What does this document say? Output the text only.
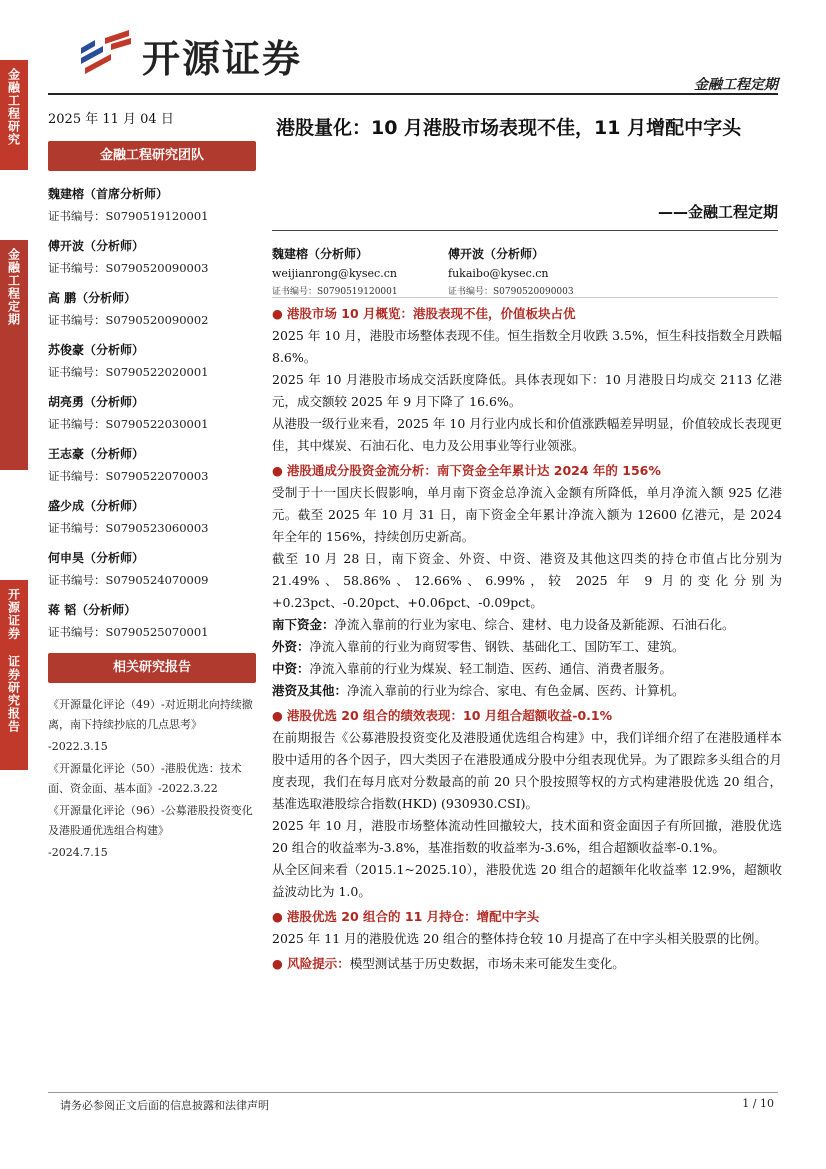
开源证券
金融工程定期
金融工程研究
金融工程定期
开源证券 证券研究报告
2025 年 11 月 04 日
金融工程研究团队
魏建榕（首席分析师）
证书编号：S0790519120001
傅开波（分析师）
证书编号：S0790520090003
高 鹏（分析师）
证书编号：S0790520090002
苏俊豪（分析师）
证书编号：S0790522020001
胡亮勇（分析师）
证书编号：S0790522030001
王志豪（分析师）
证书编号：S0790522070003
盛少成（分析师）
证书编号：S0790523060003
何申昊（分析师）
证书编号：S0790524070009
蒋 韬（分析师）
证书编号：S0790525070001
相关研究报告
《开源量化评论（49）-对近期北向持续撤离，南下持续抄底的几点思考》
-2022.3.15
《开源量化评论（50）-港股优选：技术面、资金面、基本面》-2022.3.22
《开源量化评论（96）-公募港股投资变化及港股通优选组合构建》
-2024.7.15
港股量化：10 月港股市场表现不佳，11 月增配中字头
——金融工程定期
魏建榕（分析师）
weijianrong@kysec.cn
证书编号：S0790519120001
傅开波（分析师）
fukaibo@kysec.cn
证书编号：S0790520090003

● 港股市场 10 月概览：港股表现不佳，价值板块占优

2025 年 10 月，港股市场整体表现不佳。恒生指数全月收跌 3.5%，恒生科技指数全月跌幅 8.6%。

2025 年 10 月港股市场成交活跃度降低。具体表现如下：10 月港股日均成交 2113 亿港元，成交额较 2025 年 9 月下降了 16.6%。

从港股一级行业来看，2025 年 10 月行业内成长和价值涨跌幅差异明显，价值较成长表现更佳，其中煤炭、石油石化、电力及公用事业等行业领涨。

● 港股通成分股资金流分析：南下资金全年累计达 2024 年的 156%

受制于十一国庆长假影响，单月南下资金总净流入金额有所降低，单月净流入额 925 亿港元。截至 2025 年 10 月 31 日，南下资金全年累计净流入额为 12600 亿港元，是 2024 年全年的 156%，持续创历史新高。

截至 10 月 28 日，南下资金、外资、中资、港资及其他这四类的持仓市值占比分别为 21.49%、58.86%、12.66%、6.99%，较 2025 年 9 月的变化分别为+0.23pct、-0.20pct、+0.06pct、-0.09pct。

南下资金：净流入靠前的行业为家电、综合、建材、电力设备及新能源、石油石化。

外资：净流入靠前的行业为商贸零售、钢铁、基础化工、国防军工、建筑。

中资：净流入靠前的行业为煤炭、轻工制造、医药、通信、消费者服务。

港资及其他：净流入靠前的行业为综合、家电、有色金属、医药、计算机。

● 港股优选 20 组合的绩效表现：10 月组合超额收益-0.1%

在前期报告《公募港股投资变化及港股通优选组合构建》中，我们详细介绍了在港股通样本股中适用的各个因子，四大类因子在港股通成分股中分组表现优异。为了跟踪多头组合的月度表现，我们在每月底对分数最高的前 20 只个股按照等权的方式构建港股优选 20 组合，基准选取港股综合指数(HKD) (930930.CSI)。

2025 年 10 月，港股市场整体流动性回撤较大，技术面和资金面因子有所回撤，港股优选 20 组合的收益率为-3.8%，基准指数的收益率为-3.6%，组合超额收益率-0.1%。

从全区间来看（2015.1~2025.10），港股优选 20 组合的超额年化收益率 12.9%，超额收益波动比为 1.0。

● 港股优选 20 组合的 11 月持仓：增配中字头

2025 年 11 月的港股优选 20 组合的整体持仓较 10 月提高了在中字头相关股票的比例。

● 风险提示：模型测试基于历史数据，市场未来可能发生变化。

请务必参阅正文后面的信息披露和法律声明	1 / 10
